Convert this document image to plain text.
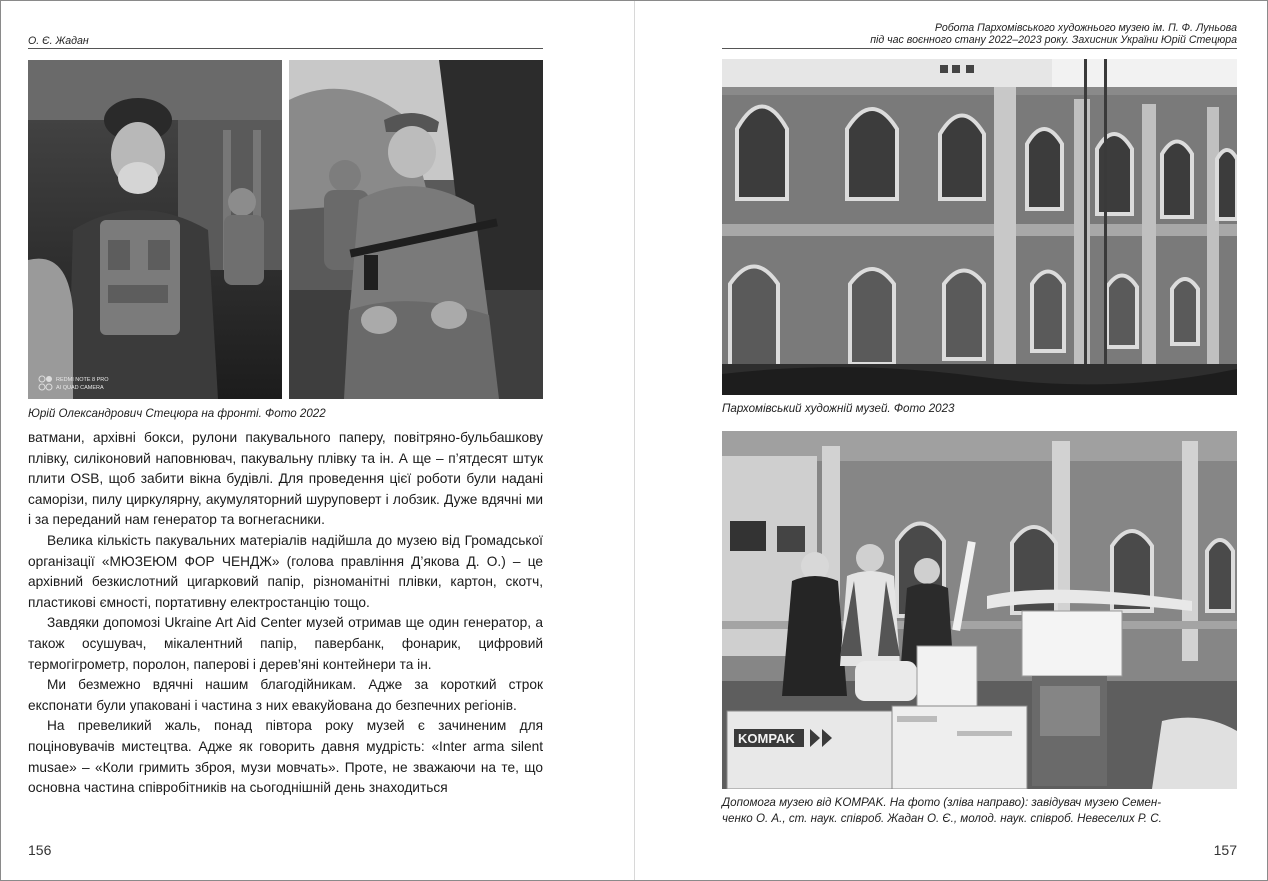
О. Є. Жадан
REDMI NOTE 8 PRO
AI QUAD CAMERA
Юрій Олександрович Стецюра на фронті. Фото 2022

ватмани, архівні бокси, рулони пакувального паперу, повітряно-бульбашкову плівку, силіконовий наповнювач, пакувальну плівку та ін. А ще – п’ятдесят штук плити OSB, щоб забити вікна будівлі. Для проведення цієї роботи були надані саморізи, пилу циркулярну, акумуляторний шуруповерт і лобзик. Дуже вдячні ми і за переданий нам генератор та вогнегасники.

Велика кількість пакувальних матеріалів надійшла до музею від Громадської організації «МЮЗЕЮМ ФОР ЧЕНДЖ» (голова правління Д’якова Д. О.) – це архівний безкислотний цигарковий папір, різноманітні плівки, картон, скотч, пластикові ємності, портативну електростанцію тощо.

Завдяки допомозі Ukraine Art Aid Center музей отримав ще один генератор, а також осушувач, мікалентний папір, павербанк, фонарик, цифровий термогігрометр, поролон, паперові і дерев’яні контейнери та ін.

Ми безмежно вдячні нашим благодійникам. Адже за короткий строк експонати були упаковані і частина з них евакуйована до безпечних регіонів.

На превеликий жаль, понад півтора року музей є зачиненим для поціновувачів мистецтва. Адже як говорить давня мудрість: «Inter arma silent musae» – «Коли гримить зброя, музи мовчать». Проте, не зважаючи на те, що основна частина співробітників на сьогоднішній день знаходиться

156
Робота Пархомівського художнього музею ім. П. Ф. Луньова
під час воєнного стану 2022–2023 року. Захисник України Юрій Стецюра
Пархомівський художній музей. Фото 2023
KOMPAK
Допомога музею від KOMPAK. На фото (зліва направо): завідувач музею Семен-
ченко О. А., ст. наук. співроб. Жадан О. Є., молод. наук. співроб. Невеселих Р. С.
157
